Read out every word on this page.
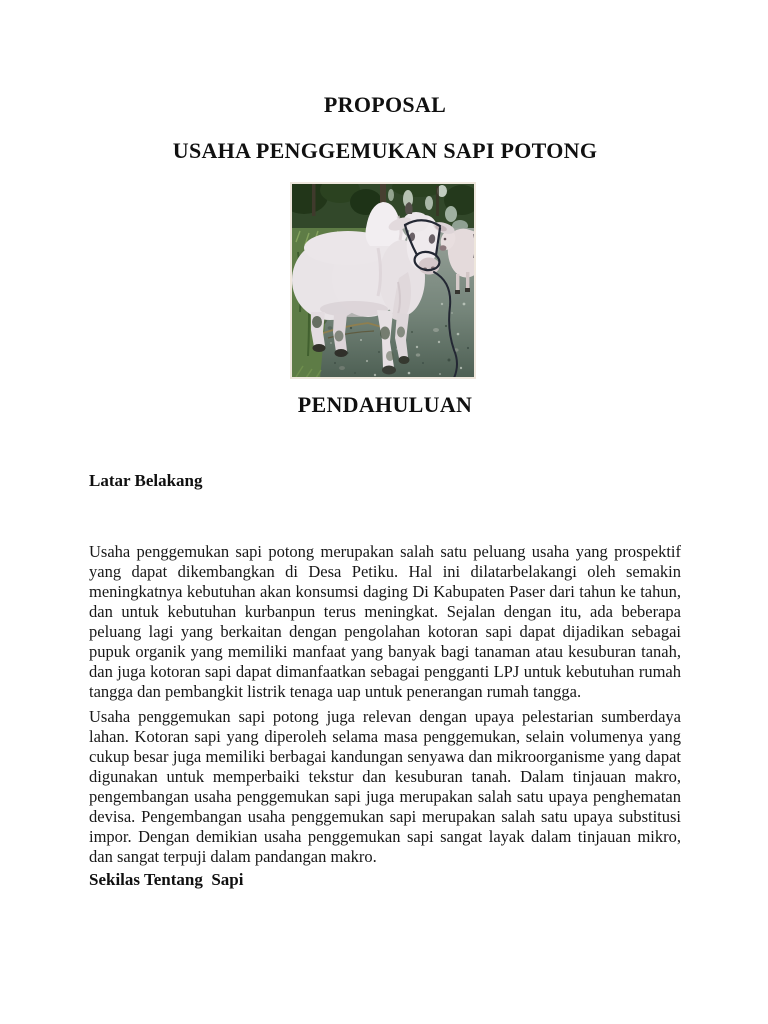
PROPOSAL
USAHA PENGGEMUKAN SAPI POTONG
PENDAHULUAN
Latar Belakang

Usaha penggemukan sapi potong merupakan salah satu peluang usaha yang prospektif yang dapat dikembangkan di Desa Petiku. Hal ini dilatarbelakangi oleh semakin meningkatnya kebutuhan akan konsumsi daging Di Kabupaten Paser dari tahun ke tahun, dan untuk kebutuhan kurbanpun terus meningkat. Sejalan dengan itu, ada beberapa peluang lagi yang berkaitan dengan pengolahan kotoran sapi dapat dijadikan sebagai pupuk organik yang memiliki manfaat yang banyak bagi tanaman atau kesuburan tanah, dan juga kotoran sapi dapat dimanfaatkan sebagai pengganti LPJ untuk kebutuhan rumah tangga dan pembangkit listrik tenaga uap untuk penerangan rumah tangga.

Usaha penggemukan sapi potong juga relevan dengan upaya pelestarian sumberdaya lahan. Kotoran sapi yang diperoleh selama masa penggemukan, selain volumenya yang cukup besar juga memiliki berbagai kandungan senyawa dan mikroorganisme yang dapat digunakan untuk memperbaiki tekstur dan kesuburan tanah. Dalam tinjauan makro, pengembangan usaha penggemukan sapi juga merupakan salah satu upaya penghematan devisa. Pengembangan usaha penggemukan sapi merupakan salah satu upaya substitusi impor. Dengan demikian usaha penggemukan sapi sangat layak dalam tinjauan mikro, dan sangat terpuji dalam pandangan makro.

Sekilas Tentang  Sapi
